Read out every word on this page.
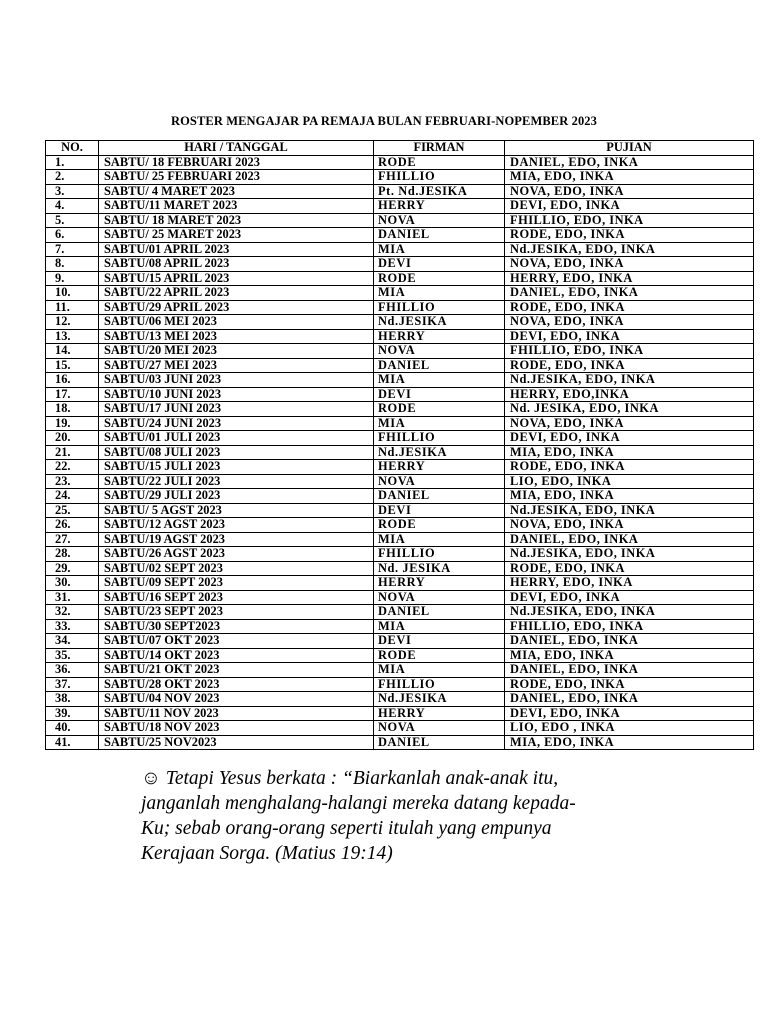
ROSTER MENGAJAR PA REMAJA BULAN FEBRUARI-NOPEMBER 2023
NO.	HARI / TANGGAL	FIRMAN	PUJIAN
1.	SABTU/ 18 FEBRUARI 2023	RODE	DANIEL, EDO, INKA
2.	SABTU/ 25 FEBRUARI 2023	FHILLIO	MIA, EDO, INKA
3.	SABTU/ 4 MARET 2023	Pt. Nd.JESIKA	NOVA, EDO, INKA
4.	SABTU/11 MARET 2023	HERRY	DEVI, EDO, INKA
5.	SABTU/ 18 MARET 2023	NOVA	FHILLIO, EDO, INKA
6.	SABTU/ 25 MARET 2023	DANIEL	RODE, EDO, INKA
7.	SABTU/01 APRIL 2023	MIA	Nd.JESIKA, EDO, INKA
8.	SABTU/08 APRIL 2023	DEVI	NOVA, EDO, INKA
9.	SABTU/15 APRIL 2023	RODE	HERRY, EDO, INKA
10.	SABTU/22 APRIL 2023	MIA	DANIEL, EDO, INKA
11.	SABTU/29 APRIL 2023	FHILLIO	RODE, EDO, INKA
12.	SABTU/06 MEI 2023	Nd.JESIKA	NOVA, EDO, INKA
13.	SABTU/13 MEI 2023	HERRY	DEVI, EDO, INKA
14.	SABTU/20 MEI 2023	NOVA	FHILLIO, EDO, INKA
15.	SABTU/27 MEI 2023	DANIEL	RODE, EDO, INKA
16.	SABTU/03 JUNI 2023	MIA	Nd.JESIKA, EDO, INKA
17.	SABTU/10 JUNI 2023	DEVI	HERRY, EDO,INKA
18.	SABTU/17 JUNI 2023	RODE	Nd. JESIKA, EDO, INKA
19.	SABTU/24 JUNI 2023	MIA	NOVA, EDO, INKA
20.	SABTU/01 JULI 2023	FHILLIO	DEVI, EDO, INKA
21.	SABTU/08 JULI 2023	Nd.JESIKA	MIA, EDO, INKA
22.	SABTU/15 JULI 2023	HERRY	RODE, EDO, INKA
23.	SABTU/22 JULI 2023	NOVA	LIO, EDO, INKA
24.	SABTU/29 JULI 2023	DANIEL	MIA, EDO, INKA
25.	SABTU/ 5 AGST 2023	DEVI	Nd.JESIKA, EDO, INKA
26.	SABTU/12 AGST 2023	RODE	NOVA, EDO, INKA
27.	SABTU/19 AGST 2023	MIA	DANIEL, EDO, INKA
28.	SABTU/26 AGST 2023	FHILLIO	Nd.JESIKA, EDO, INKA
29.	SABTU/02 SEPT 2023	Nd. JESIKA	RODE, EDO, INKA
30.	SABTU/09 SEPT 2023	HERRY	HERRY, EDO, INKA
31.	SABTU/16 SEPT 2023	NOVA	DEVI, EDO, INKA
32.	SABTU/23 SEPT 2023	DANIEL	Nd.JESIKA, EDO, INKA
33.	SABTU/30 SEPT2023	MIA	FHILLIO, EDO, INKA
34.	SABTU/07 OKT 2023	DEVI	DANIEL, EDO, INKA
35.	SABTU/14 OKT 2023	RODE	MIA, EDO, INKA
36.	SABTU/21 OKT 2023	MIA	DANIEL, EDO, INKA
37.	SABTU/28 OKT 2023	FHILLIO	RODE, EDO, INKA
38.	SABTU/04 NOV 2023	Nd.JESIKA	DANIEL, EDO, INKA
39.	SABTU/11 NOV 2023	HERRY	DEVI, EDO, INKA
40.	SABTU/18 NOV 2023	NOVA	LIO, EDO , INKA
41.	SABTU/25 NOV2023	DANIEL	MIA, EDO, INKA

☺ Tetapi Yesus berkata : “Biarkanlah anak-anak itu,

janganlah menghalang-halangi mereka datang kepada-

Ku; sebab orang-orang seperti itulah yang empunya

Kerajaan Sorga. (Matius 19:14)
